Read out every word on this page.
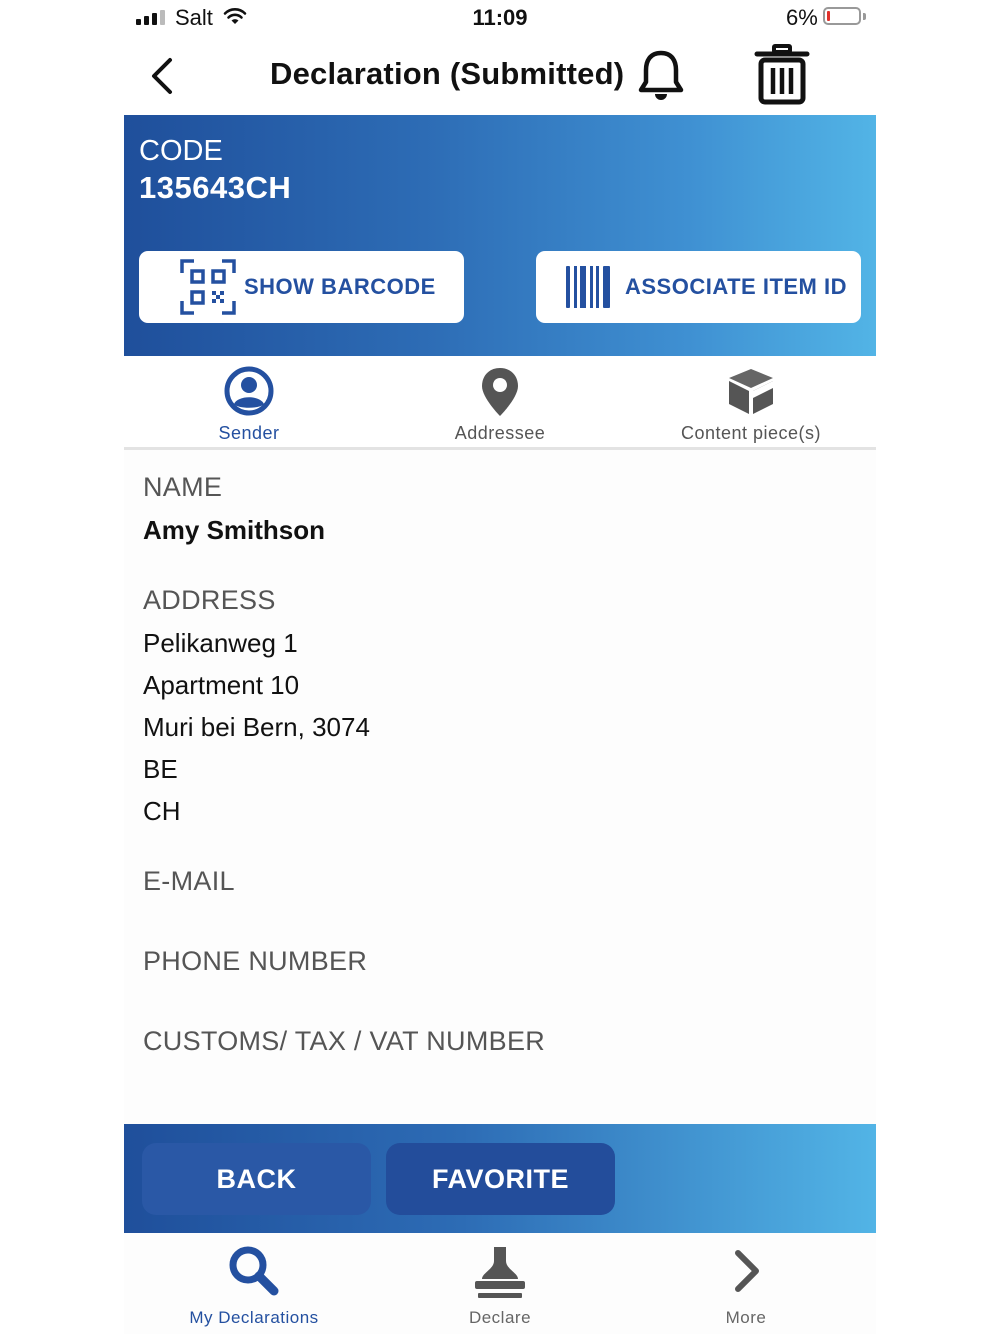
Salt	11:09	6%
Declaration (Submitted)
CODE
135643CH
SHOW BARCODE	ASSOCIATE ITEM ID
Sender	Addressee	Content piece(s)
NAME
Amy Smithson
ADDRESS
Pelikanweg 1
Apartment 10
Muri bei Bern, 3074
BE
CH
E-MAIL
PHONE NUMBER
CUSTOMS/ TAX / VAT NUMBER
BACK	FAVORITE
My Declarations	Declare	More
